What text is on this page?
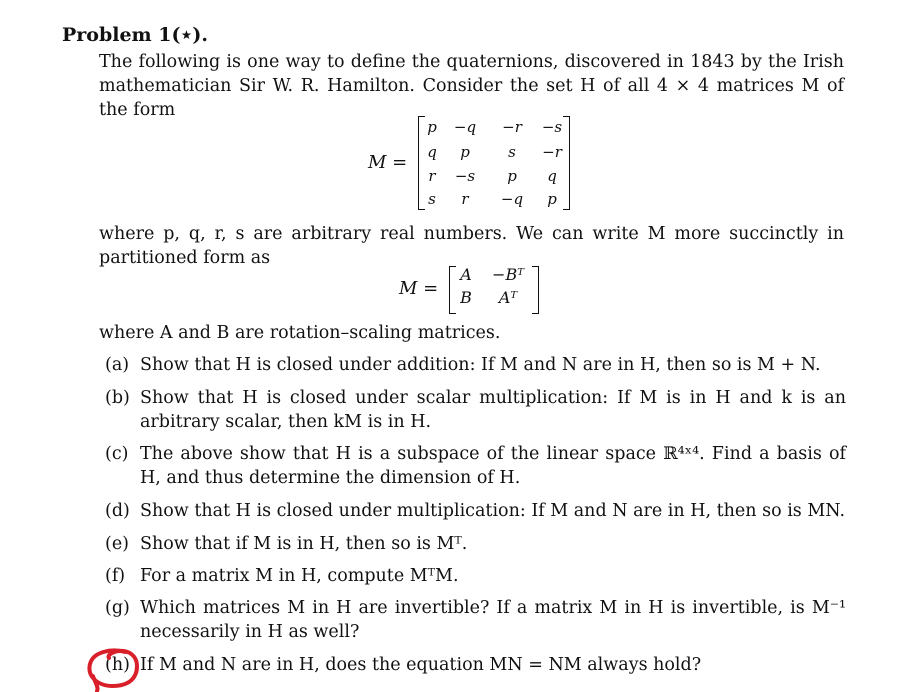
Problem 1(⋆).
The following is one way to define the quaternions, discovered in 1843 by the Irish mathematician Sir W. R. Hamilton. Consider the set H of all 4 × 4 matrices M of the form
M =
p	−q	−r	−s
q	p	s	−r
r	−s	p	q
s	r	−q	p
where p, q, r, s are arbitrary real numbers. We can write M more succinctly in partitioned form as
M =
A	−Bᵀ
B	Aᵀ
where A and B are rotation–scaling matrices.
(a) Show that H is closed under addition: If M and N are in H, then so is M + N.
(b) Show that H is closed under scalar multiplication: If M is in H and k is an arbitrary scalar, then kM is in H.
(c) The above show that H is a subspace of the linear space ℝ⁴ˣ⁴. Find a basis of H, and thus determine the dimension of H.
(d) Show that H is closed under multiplication: If M and N are in H, then so is MN.
(e) Show that if M is in H, then so is Mᵀ.
(f) For a matrix M in H, compute MᵀM.
(g) Which matrices M in H are invertible? If a matrix M in H is invertible, is M⁻¹ necessarily in H as well?
(h) If M and N are in H, does the equation MN = NM always hold?
